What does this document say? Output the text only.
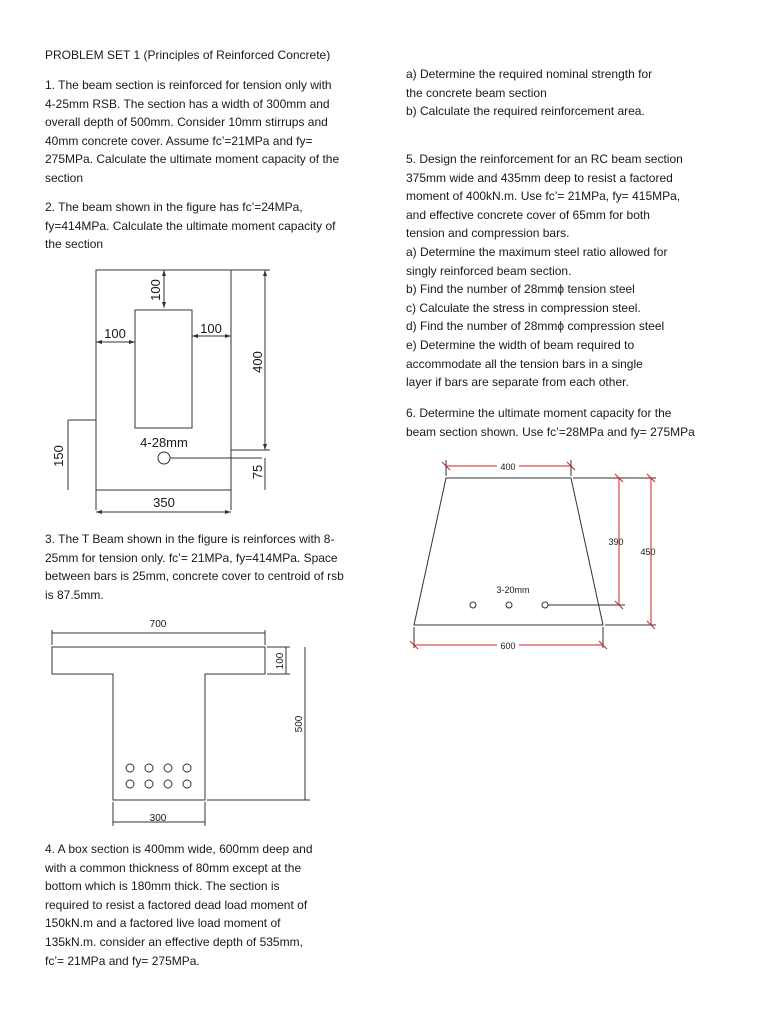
PROBLEM SET 1 (Principles of Reinforced Concrete)

1. The beam section is reinforced for tension only with
4-25mm RSB. The section has a width of 300mm and
overall depth of 500mm. Consider 10mm stirrups and
40mm concrete cover. Assume fc’=21MPa and fy=
275MPa. Calculate the ultimate moment capacity of the
section

2. The beam shown in the figure has fc’=24MPa,
fy=414MPa. Calculate the ultimate moment capacity of
the section

3. The T Beam shown in the figure is reinforces with 8-
25mm for tension only. fc’= 21MPa, fy=414MPa. Space
between bars is 25mm, concrete cover to centroid of rsb
is 87.5mm.

4. A box section is 400mm wide, 600mm deep and
with a common thickness of 80mm except at the
bottom which is 180mm thick. The section is
required to resist a factored dead load moment of
150kN.m and a factored live load moment of
135kN.m. consider an effective depth of 535mm,
fc’= 21MPa and fy= 275MPa.

a) Determine the required nominal strength for
the concrete beam section
b) Calculate the required reinforcement area.

5. Design the reinforcement for an RC beam section
375mm wide and 435mm deep to resist a factored
moment of 400kN.m. Use fc’= 21MPa, fy= 415MPa,
and effective concrete cover of 65mm for both
tension and compression bars.
a) Determine the maximum steel ratio allowed for
singly reinforced beam section.
b) Find the number of 28mmϕ tension steel
c) Calculate the stress in compression steel.
d) Find the number of 28mmϕ compression steel
e) Determine the width of beam required to
accommodate all the tension bars in a single
layer if bars are separate from each other.

6. Determine the ultimate moment capacity for the
beam section shown. Use fc’=28MPa and fy= 275MPa

100
100	100
400
4-28mm
150
75
350
700
100
500
300
400
390
450
3-20mm
600
